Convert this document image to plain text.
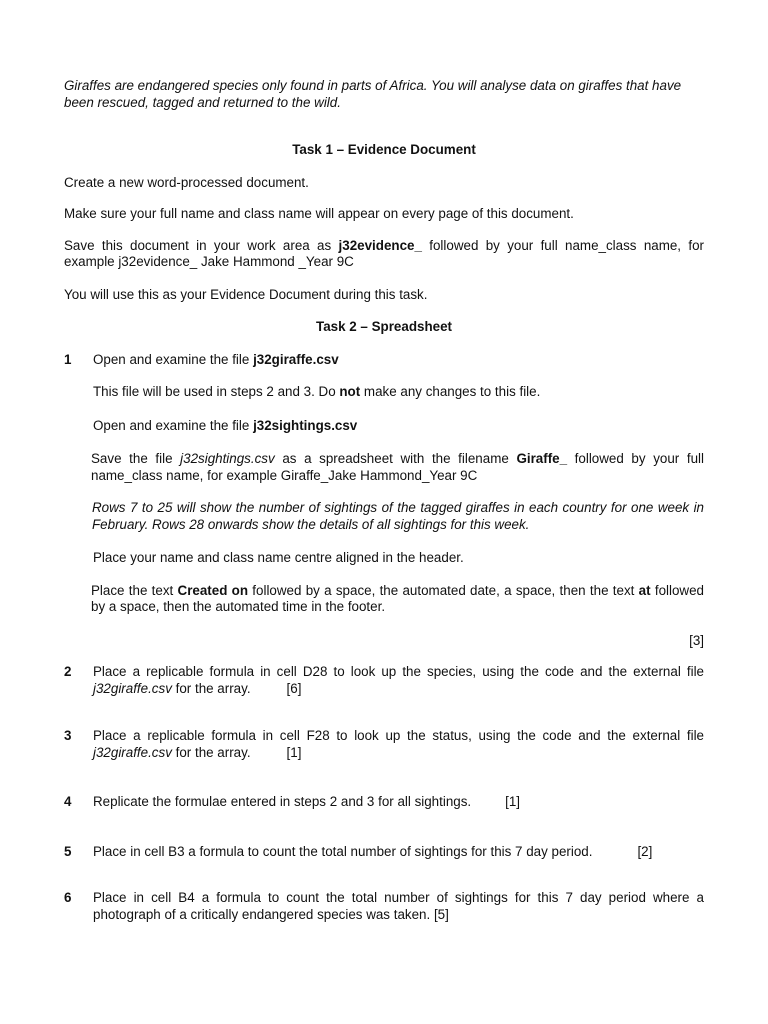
Giraffes are endangered species only found in parts of Africa. You will analyse data on giraffes that have been rescued, tagged and returned to the wild.

Task 1 – Evidence Document

Create a new word-processed document.

Make sure your full name and class name will appear on every page of this document.

Save this document in your work area as j32evidence_ followed by your full name_class name, for example j32evidence_ Jake Hammond _Year 9C

You will use this as your Evidence Document during this task.

Task 2 – Spreadsheet

1 Open and examine the file j32giraffe.csv

This file will be used in steps 2 and 3. Do not make any changes to this file.

Open and examine the file j32sightings.csv

Save the file j32sightings.csv as a spreadsheet with the filename Giraffe_ followed by your full name_class name, for example Giraffe_Jake Hammond_Year 9C

Rows 7 to 25 will show the number of sightings of the tagged giraffes in each country for one week in February. Rows 28 onwards show the details of all sightings for this week.

Place your name and class name centre aligned in the header.

Place the text Created on followed by a space, the automated date, a space, then the text at followed by a space, then the automated time in the footer.

[3]

2 Place a replicable formula in cell D28 to look up the species, using the code and the external file j32giraffe.csv for the array.	[6]

3 Place a replicable formula in cell F28 to look up the status, using the code and the external file j32giraffe.csv for the array.	[1]

4 Replicate the formulae entered in steps 2 and 3 for all sightings.	[1]

5 Place in cell B3 a formula to count the total number of sightings for this 7 day period.	[2]

6 Place in cell B4 a formula to count the total number of sightings for this 7 day period where a photograph of a critically endangered species was taken. [5]
